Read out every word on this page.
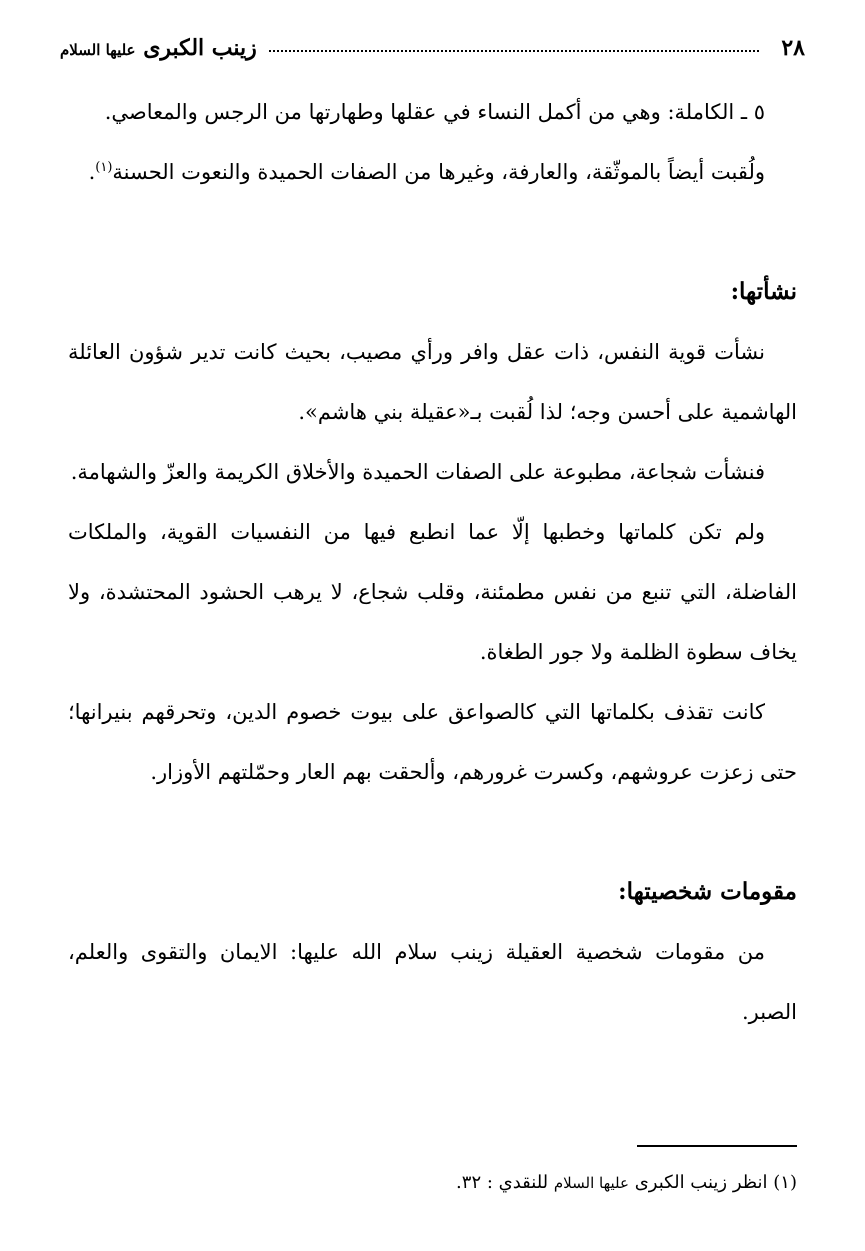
٢٨
زينب الكبرى عليها السلام

٥ ـ الكاملة: وهي من أكمل النساء في عقلها وطهارتها من الرجس والمعاصي.

ولُقبت أيضاً بالموثّقة، والعارفة، وغيرها من الصفات الحميدة والنعوت الحسنة$^{(١)}$.

نشأتها:

نشأت قوية النفس، ذات عقل وافر ورأي مصيب، بحيث كانت تدير شؤون العائلة الهاشمية على أحسن وجه؛ لذا لُقبت بـ«عقيلة بني هاشم».

فنشأت شجاعة، مطبوعة على الصفات الحميدة والأخلاق الكريمة والعزّ والشهامة.

ولم تكن كلماتها وخطبها إلّا عما انطبع فيها من النفسيات القوية، والملكات الفاضلة، التي تنبع من نفس مطمئنة، وقلب شجاع، لا يرهب الحشود المحتشدة، ولا يخاف سطوة الظلمة ولا جور الطغاة.

كانت تقذف بكلماتها التي كالصواعق على بيوت خصوم الدين، وتحرقهم بنيرانها؛ حتى زعزت عروشهم، وكسرت غرورهم، وألحقت بهم العار وحمّلتهم الأوزار.

مقومات شخصيتها:

من مقومات شخصية العقيلة زينب سلام الله عليها: الايمان والتقوى والعلم، الصبر.

(١) انظر زينب الكبرى عليها السلام للنقدي : ٣٢.
